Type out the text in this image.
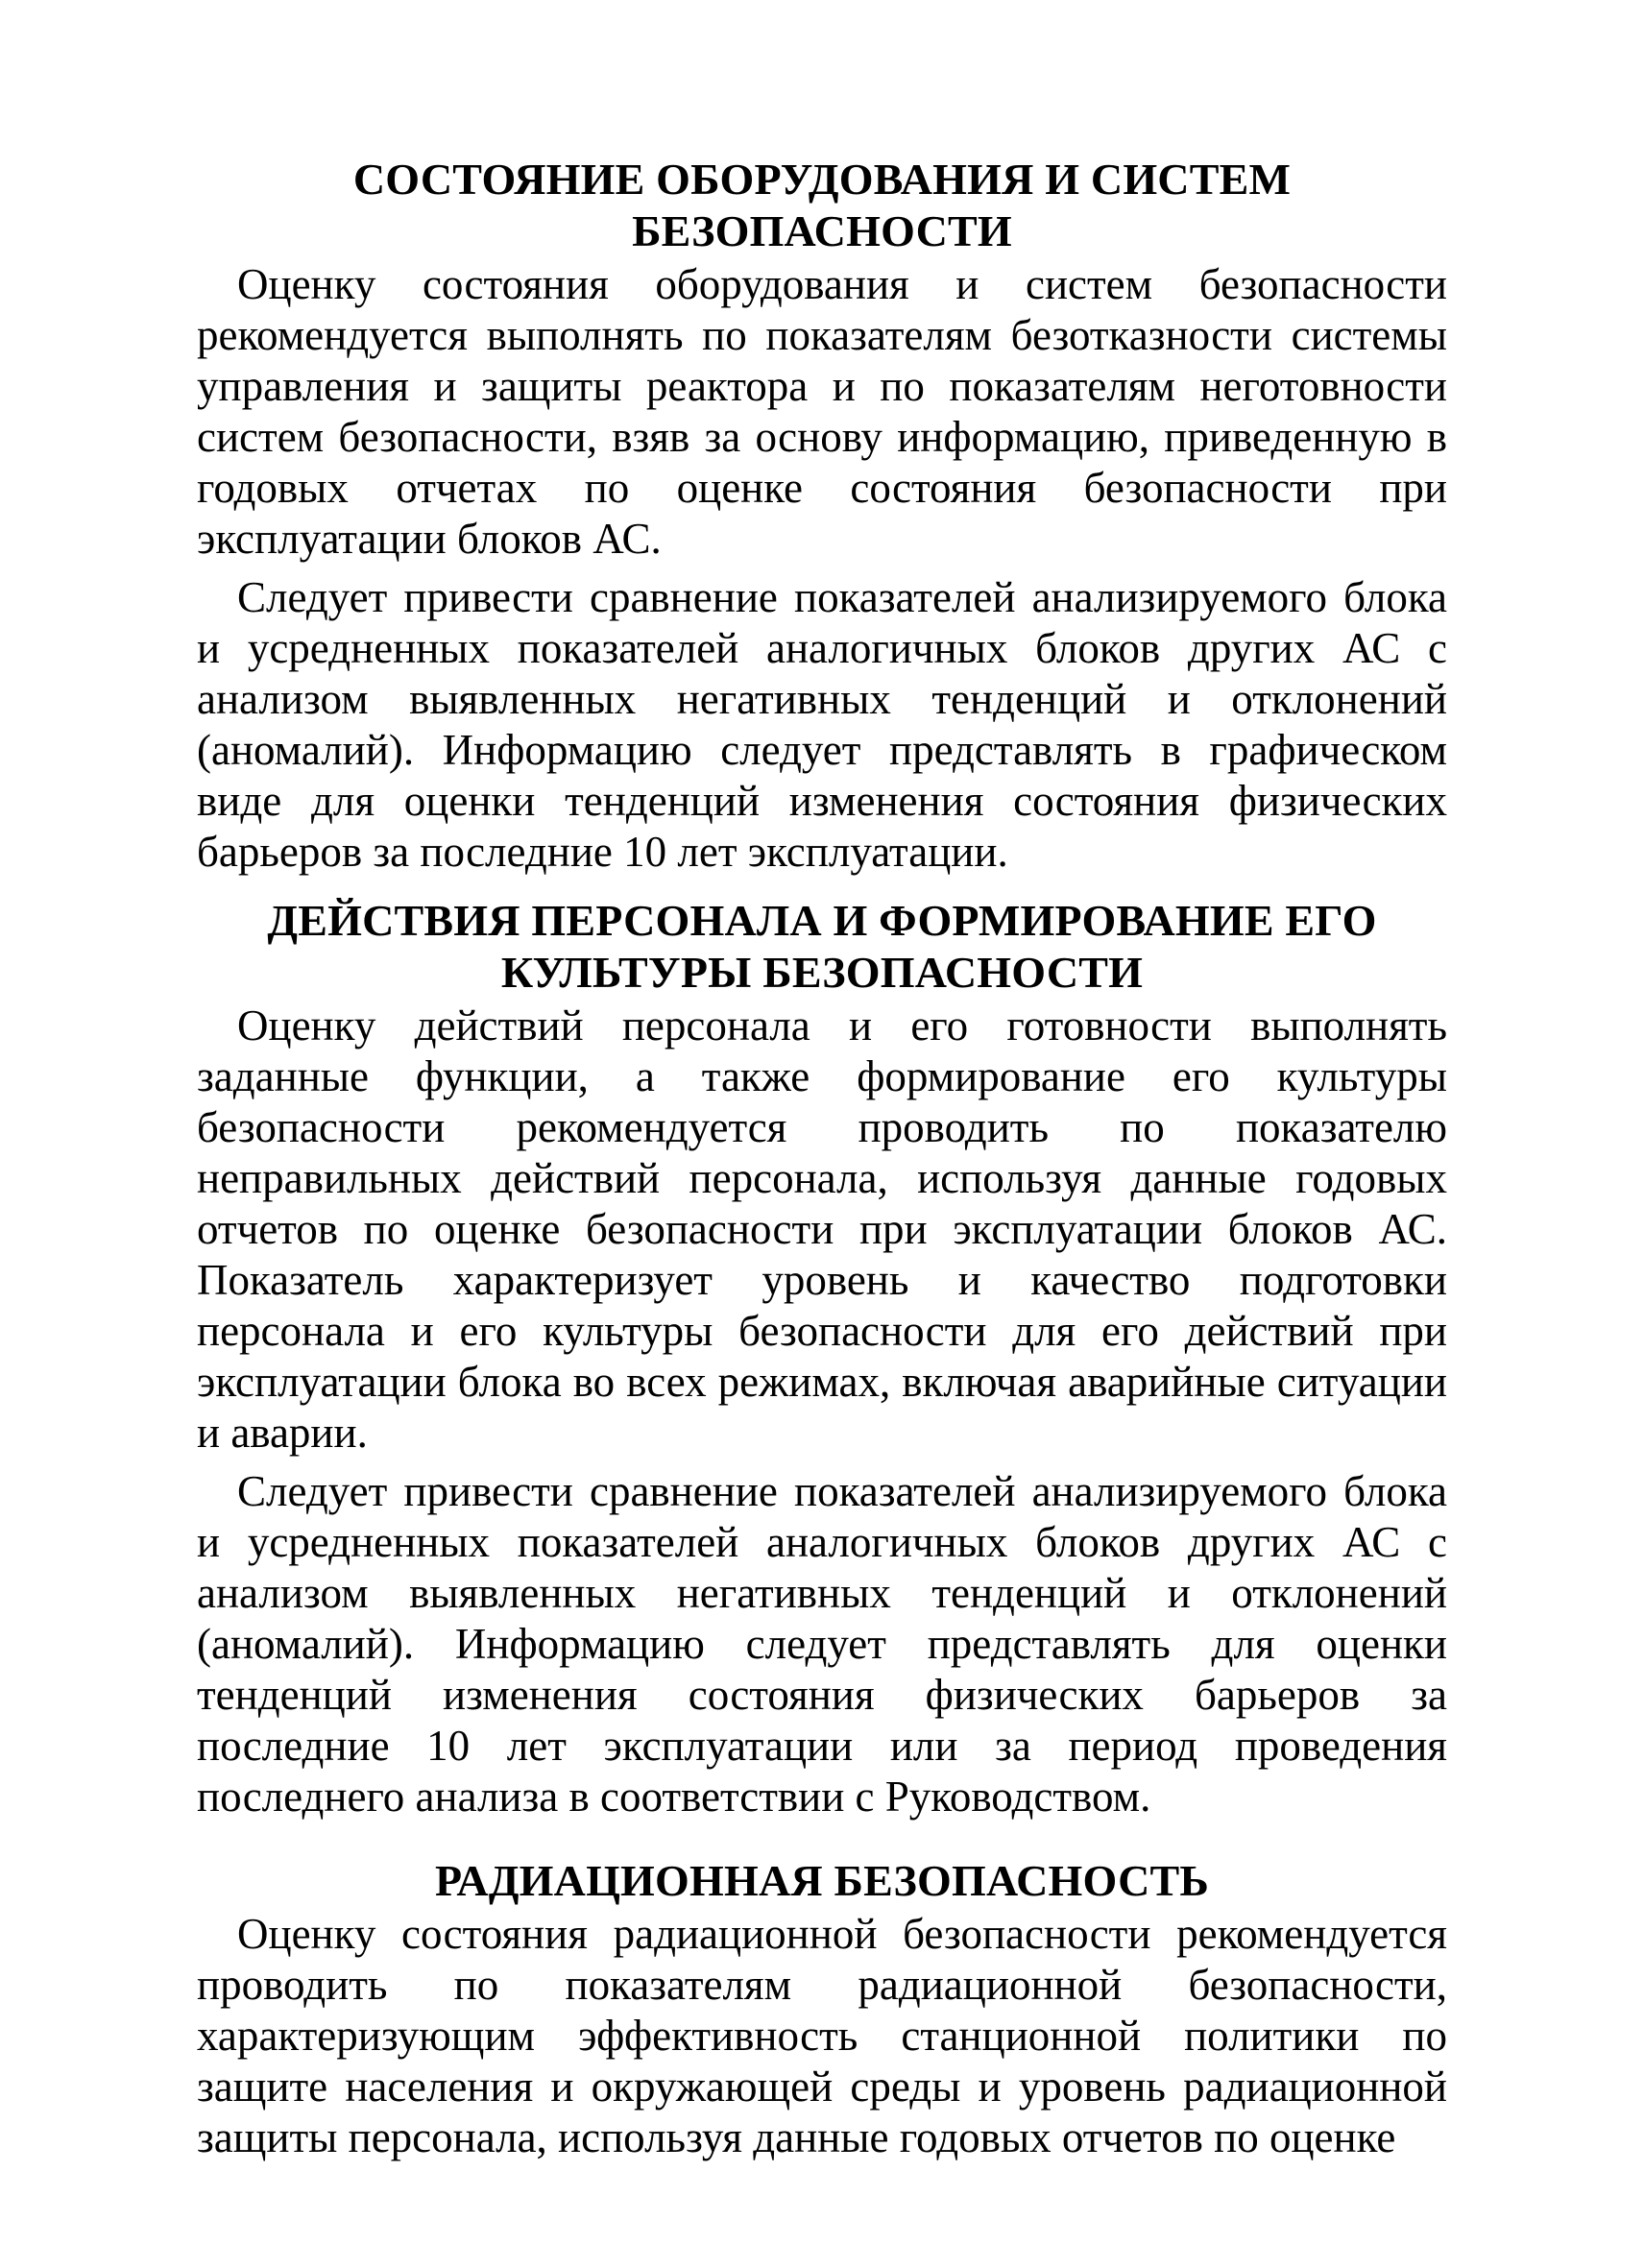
СОСТОЯНИЕ ОБОРУДОВАНИЯ И СИСТЕМ
БЕЗОПАСНОСТИ

Оценку состояния оборудования и систем безопасности рекомендуется выполнять по показателям безотказности системы управления и защиты реактора и по показателям неготовности систем безопасности, взяв за основу информацию, приведенную в годовых отчетах по оценке состояния безопасности при эксплуатации блоков АС.

Следует привести сравнение показателей анализируемого блока и усредненных показателей аналогичных блоков других АС с анализом выявленных негативных тенденций и отклонений (аномалий). Информацию следует представлять в графическом виде для оценки тенденций изменения состояния физических барьеров за последние 10 лет эксплуатации.

ДЕЙСТВИЯ ПЕРСОНАЛА И ФОРМИРОВАНИЕ ЕГО
КУЛЬТУРЫ БЕЗОПАСНОСТИ

Оценку действий персонала и его готовности выполнять заданные функции, а также формирование его культуры безопасности рекомендуется проводить по показателю неправильных действий персонала, используя данные годовых отчетов по оценке безопасности при эксплуатации блоков АС. Показатель характеризует уровень и качество подготовки персонала и его культуры безопасности для его действий при эксплуатации блока во всех режимах, включая аварийные ситуации и аварии.

Следует привести сравнение показателей анализируемого блока и усредненных показателей аналогичных блоков других АС с анализом выявленных негативных тенденций и отклонений (аномалий). Информацию следует представлять для оценки тенденций изменения состояния физических барьеров за последние 10 лет эксплуатации или за период проведения последнего анализа в соответствии с Руководством.

РАДИАЦИОННАЯ БЕЗОПАСНОСТЬ

Оценку состояния радиационной безопасности рекомендуется проводить по показателям радиационной безопасности, характеризующим эффективность станционной политики по защите населения и окружающей среды и уровень радиационной защиты персонала, используя данные годовых отчетов по оценке
